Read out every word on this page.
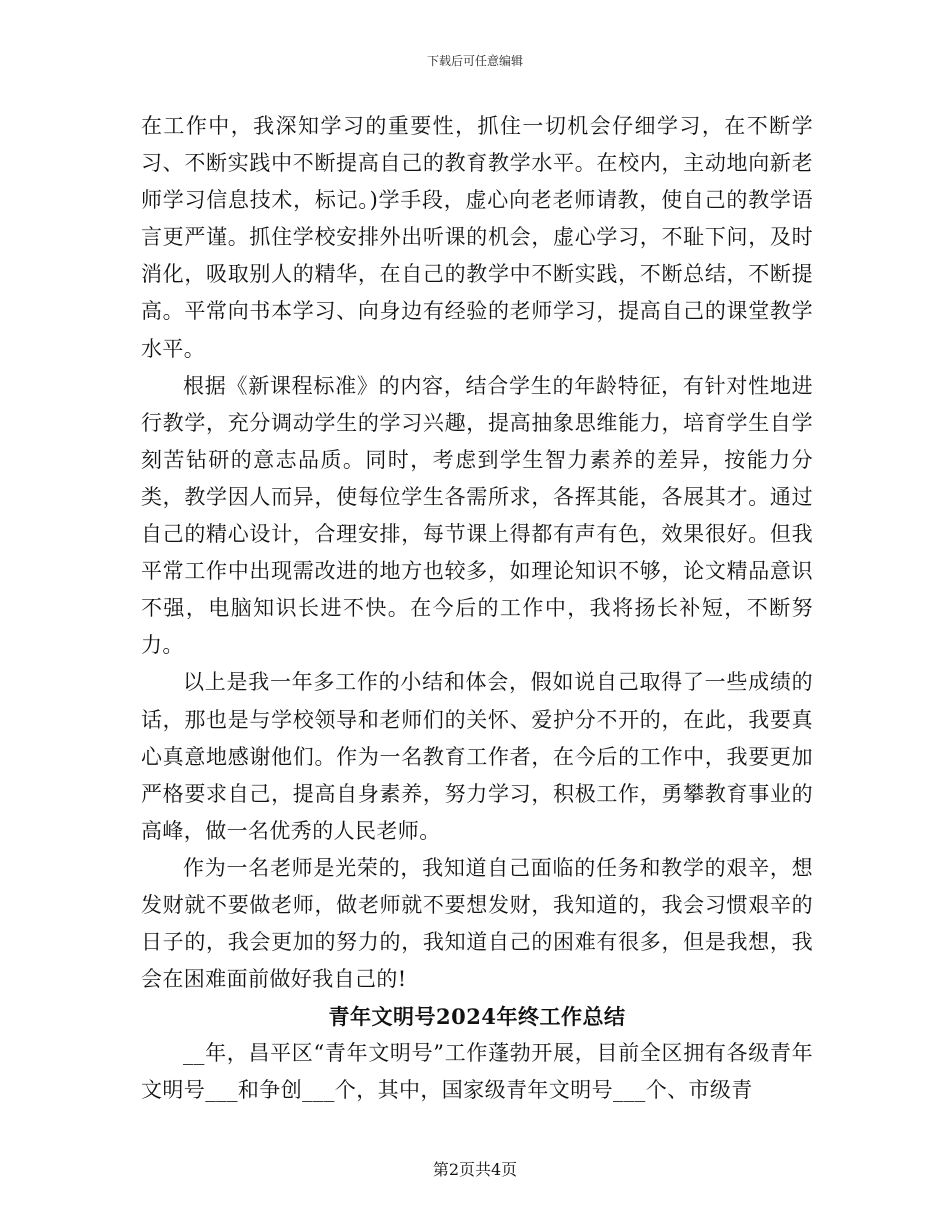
下载后可任意编辑

在工作中，我深知学习的重要性，抓住一切机会仔细学习，在不断学习、不断实践中不断提高自己的教育教学水平。在校内，主动地向新老师学习信息技术，标记。)学手段，虚心向老老师请教，使自己的教学语言更严谨。抓住学校安排外出听课的机会，虚心学习，不耻下问，及时消化，吸取别人的精华，在自己的教学中不断实践，不断总结，不断提高。平常向书本学习、向身边有经验的老师学习，提高自己的课堂教学水平。

根据《新课程标准》的内容，结合学生的年龄特征，有针对性地进行教学，充分调动学生的学习兴趣，提高抽象思维能力，培育学生自学刻苦钻研的意志品质。同时，考虑到学生智力素养的差异，按能力分类，教学因人而异，使每位学生各需所求，各挥其能，各展其才。通过自己的精心设计，合理安排，每节课上得都有声有色，效果很好。但我平常工作中出现需改进的地方也较多，如理论知识不够，论文精品意识不强，电脑知识长进不快。在今后的工作中，我将扬长补短，不断努力。

以上是我一年多工作的小结和体会，假如说自己取得了一些成绩的话，那也是与学校领导和老师们的关怀、爱护分不开的，在此，我要真心真意地感谢他们。作为一名教育工作者，在今后的工作中，我要更加严格要求自己，提高自身素养，努力学习，积极工作，勇攀教育事业的高峰，做一名优秀的人民老师。

作为一名老师是光荣的，我知道自己面临的任务和教学的艰辛，想发财就不要做老师，做老师就不要想发财，我知道的，我会习惯艰辛的日子的，我会更加的努力的，我知道自己的困难有很多，但是我想，我会在困难面前做好我自己的!

青年文明号2024年终工作总结

__年，昌平区“青年文明号”工作蓬勃开展，目前全区拥有各级青年文明号___和争创___个，其中，国家级青年文明号___个、市级青

第2页共4页
